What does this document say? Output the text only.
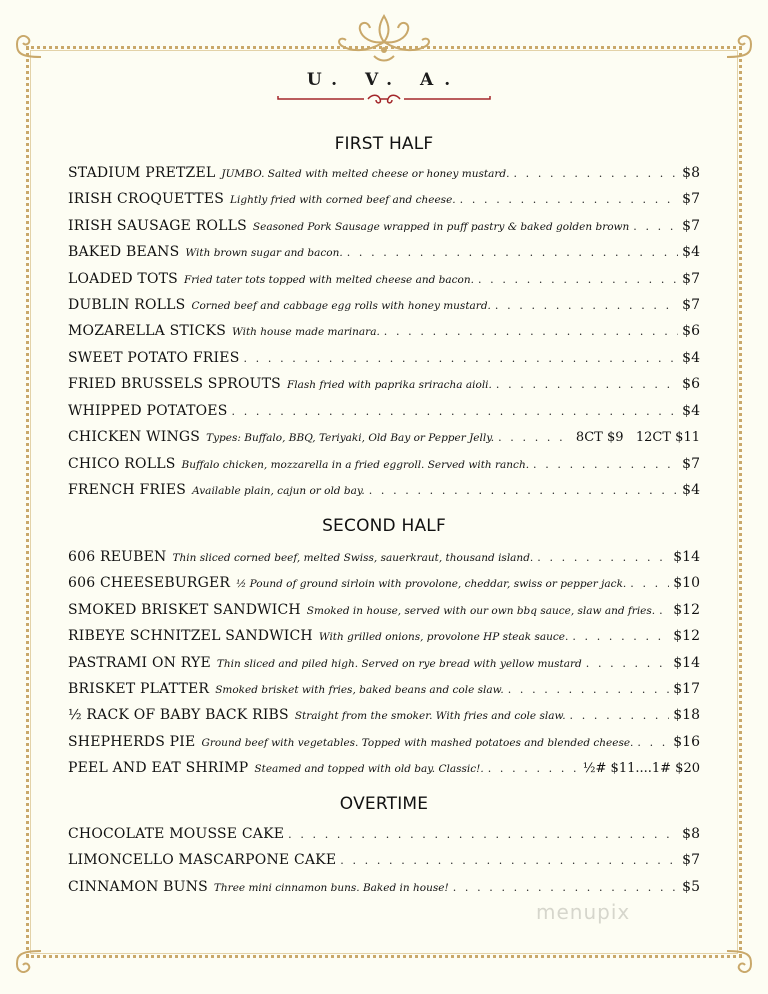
U. V. A.
FIRST HALF
SECOND HALF
OVERTIME
STADIUM PRETZEL JUMBO. Salted with melted cheese or honey mustard. . . .	$8
IRISH CROQUETTES Lightly fried with corned beef and cheese. . . .	$7
IRISH SAUSAGE ROLLS Seasoned Pork Sausage wrapped in puff pastry & baked golden brown . . .	$7
BAKED BEANS With brown sugar and bacon. . . .	$4
LOADED TOTS Fried tater tots topped with melted cheese and bacon. . . .	$7
DUBLIN ROLLS Corned beef and cabbage egg rolls with honey mustard. . . .	$7
MOZARELLA STICKS With house made marinara. . . .	$6
SWEET POTATO FRIES . . .	$4
FRIED BRUSSELS SPROUTS Flash fried with paprika sriracha aioli. . . .	$6
WHIPPED POTATOES . . .	$4
CHICKEN WINGS Types: Buffalo, BBQ, Teriyaki, Old Bay or Pepper Jelly. . . .	8CT $9   12CT $11
CHICO ROLLS Buffalo chicken, mozzarella in a fried eggroll. Served with ranch. . . .	$7
FRENCH FRIES Available plain, cajun or old bay. . . .	$4
606 REUBEN Thin sliced corned beef, melted Swiss, sauerkraut, thousand island. . . .	$14
606 CHEESEBURGER ½ Pound of ground sirloin with provolone, cheddar, swiss or pepper jack. . . .	$10
SMOKED BRISKET SANDWICH Smoked in house, served with our own bbq sauce, slaw and fries. . . . $12
RIBEYE SCHNITZEL SANDWICH With grilled onions, provolone HP steak sauce. . . .	$12
PASTRAMI ON RYE Thin sliced and piled high. Served on rye bread with yellow mustard . . .	$14
BRISKET PLATTER Smoked brisket with fries, baked beans and cole slaw. . . .	$17
½ RACK OF BABY BACK RIBS Straight from the smoker. With fries and cole slaw. . . .	$18
SHEPHERDS PIE Ground beef with vegetables. Topped with mashed potatoes and blended cheese. . . .	$16
PEEL AND EAT SHRIMP Steamed and topped with old bay. Classic!. . . .	½# $11....1# $20
CHOCOLATE MOUSSE CAKE . . .	$8
LIMONCELLO MASCARPONE CAKE . . .	$7
CINNAMON BUNS Three mini cinnamon buns. Baked in house! . . .	$5
menupix
